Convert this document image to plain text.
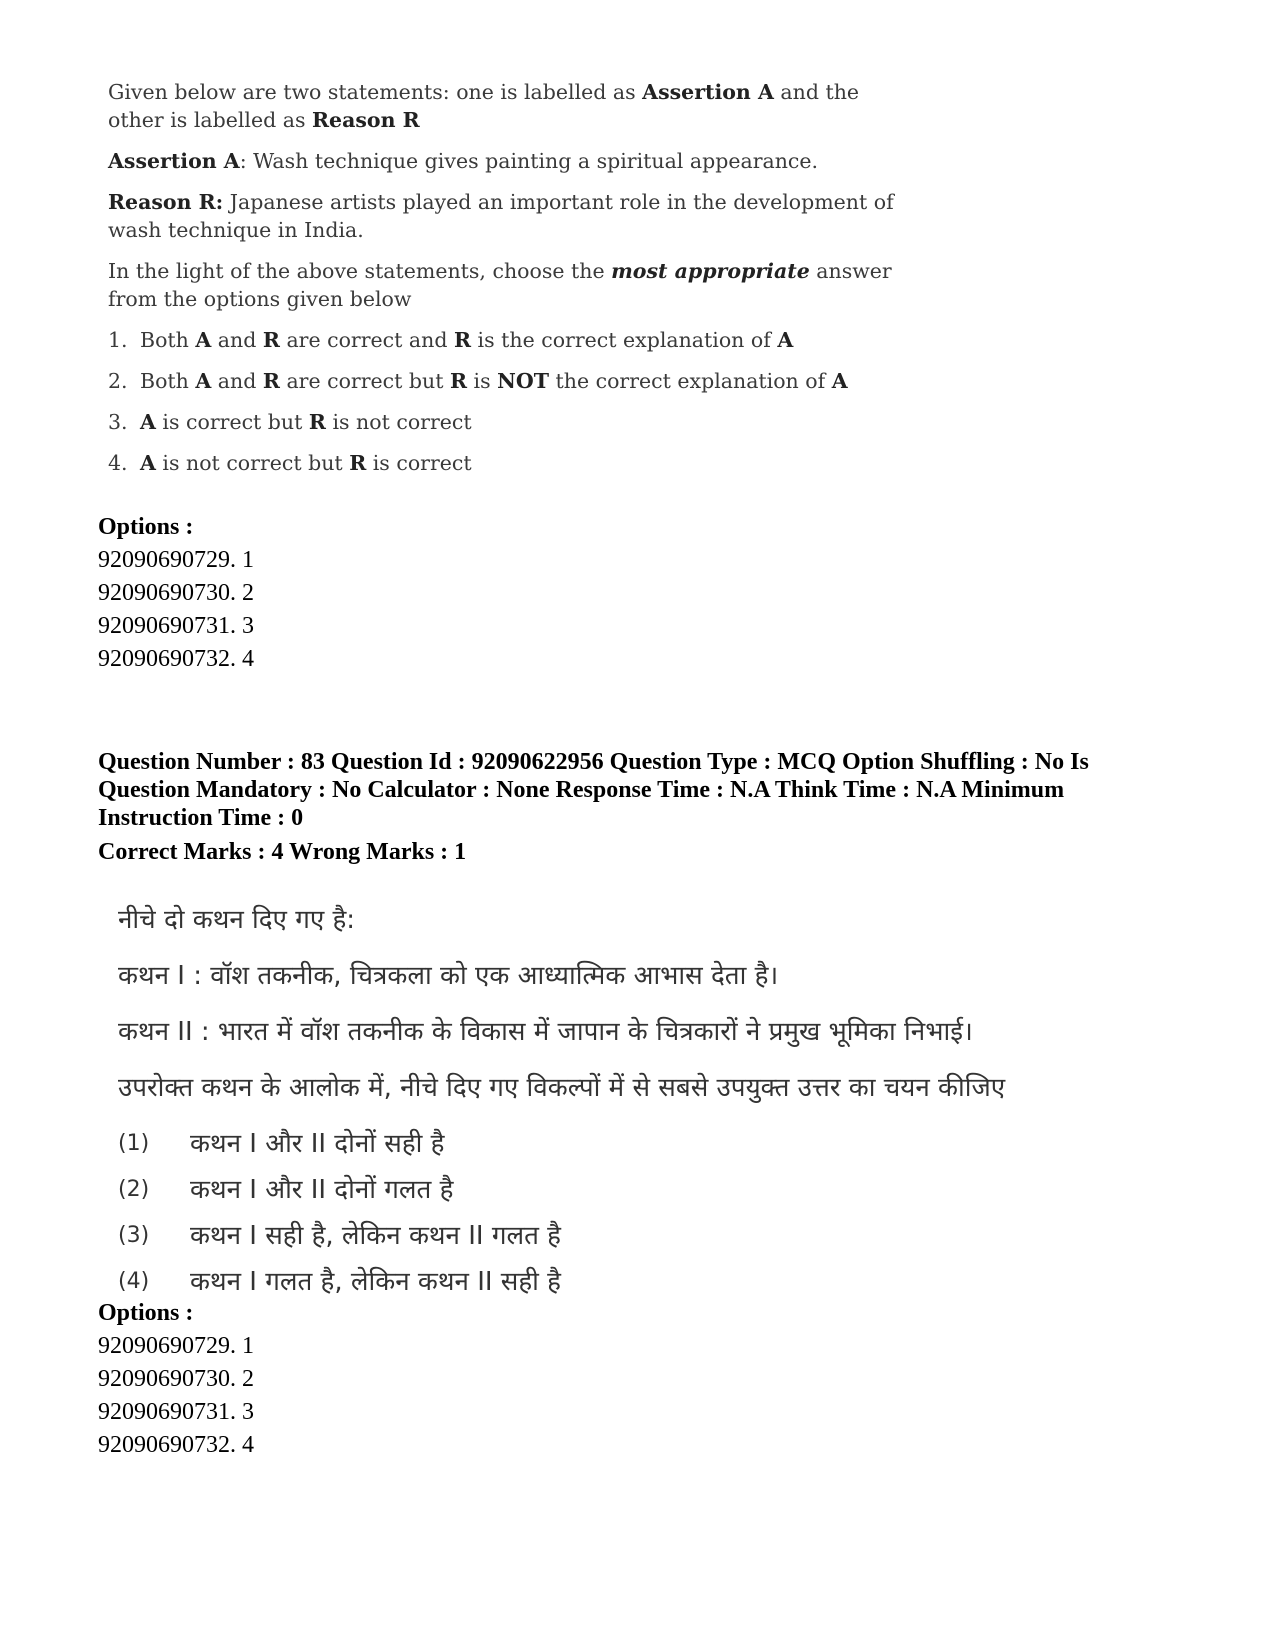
Given below are two statements: one is labelled as Assertion A and the other is labelled as Reason R

Assertion A: Wash technique gives painting a spiritual appearance.

Reason R: Japanese artists played an important role in the development of wash technique in India.

In the light of the above statements, choose the most appropriate answer from the options given below

1. Both A and R are correct and R is the correct explanation of A
2. Both A and R are correct but R is NOT the correct explanation of A
3. A is correct but R is not correct
4. A is not correct but R is correct
Options :
92090690729. 1
92090690730. 2
92090690731. 3
92090690732. 4
Question Number : 83 Question Id : 92090622956 Question Type : MCQ Option Shuffling : No Is
Question Mandatory : No Calculator : None Response Time : N.A Think Time : N.A Minimum
Instruction Time : 0
Correct Marks : 4 Wrong Marks : 1
नीचे दो कथन दिए गए है:
कथन I : वॉश तकनीक, चित्रकला को एक आध्यात्मिक आभास देता है।
कथन II : भारत में वॉश तकनीक के विकास में जापान के चित्रकारों ने प्रमुख भूमिका निभाई।
उपरोक्त कथन के आलोक में, नीचे दिए गए विकल्पों में से सबसे उपयुक्त उत्तर का चयन कीजिए
(1)	कथन I और II दोनों सही है
(2)	कथन I और II दोनों गलत है
(3)	कथन I सही है, लेकिन कथन II गलत है
(4)	कथन I गलत है, लेकिन कथन II सही है
Options :
92090690729. 1
92090690730. 2
92090690731. 3
92090690732. 4
